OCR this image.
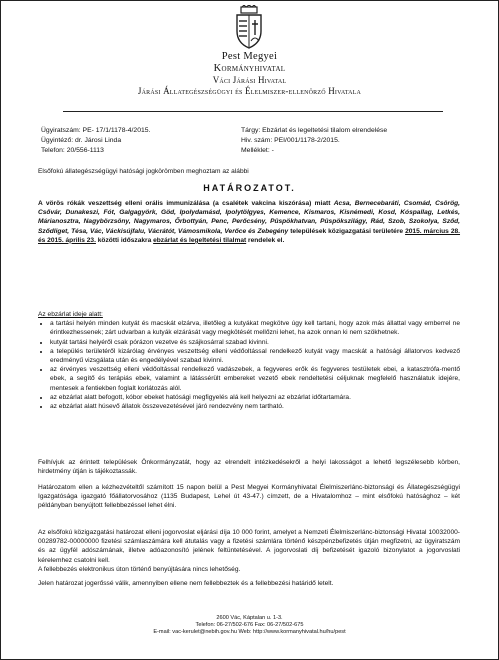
Pest Megyei
Kormányhivatal
Váci Járási Hivatal
Járási Állategészségügyi és Élelmiszer-ellenőrző Hivatala
Ügyiratszám: PE- 17/1/1178-4/2015.	Tárgy: Ebzárlat és legeltetési tilalom elrendelése
Ügyintéző: dr. Járosi Linda	Hiv. szám: PEI/001/1178-2/2015.
Telefon: 20/556-1113	Melléklet: -
Elsőfokú állategészségügyi hatósági jogkörömben meghoztam az alábbi
HATÁROZATOT.
A vörös rókák veszettség elleni orális immunizálása (a csalétek vakcina kiszórása) miatt Acsa, Bernecebaráti, Csomád, Csörög, Csővár, Dunakeszi, Fót, Galgagyörk, Göd, Ipolydamásd, Ipolytölgyes, Kemence, Kismaros, Kisnémedi, Kosd, Kóspallag, Letkés, Márianosztra, Nagybörzsöny, Nagymaros, Őrbottyán, Penc, Perőcsény, Püspökhatvan, Püspökszilágy, Rád, Szob, Szokolya, Sződ, Sződliget, Tésa, Vác, Váckisújfalu, Vácrátót, Vámosmikola, Verőce és Zebegény települések közigazgatási területére 2015. március 28. és 2015. április 23. közötti időszakra ebzárlat és legeltetési tilalmat rendelek el.
Az ebzárlat ideje alatt:
• a tartási helyén minden kutyát és macskát elzárva, illetőleg a kutyákat megkötve úgy kell tartani, hogy azok más állattal vagy emberrel ne érintkezhessenek; zárt udvarban a kutyák elzárását vagy megkötését mellőzni lehet, ha azok onnan ki nem szökhetnek.
• kutyát tartási helyéről csak pórázon vezetve és szájkosárral szabad kivinni.
• a település területéről kizárólag érvényes veszettség elleni védőoltással rendelkező kutyát vagy macskát a hatósági állatorvos kedvező eredményű vizsgálata után és engedélyével szabad kivinni.
• az érvényes veszettség elleni védőoltással rendelkező vadászebek, a fegyveres erők és fegyveres testületek ebei, a katasztrófa-mentő ebek, a segítő és terápiás ebek, valamint a látássérült embereket vezető ebek rendeltetési céljuknak megfelelő használatuk idejére, mentesek a fentiekben foglalt korlátozás alól.
• az ebzárlat alatt befogott, kóbor ebeket hatósági megfigyelés alá kell helyezni az ebzárlat időtartamára.
• az ebzárlat alatt húsevő állatok összevezetésével járó rendezvény nem tartható.
Felhívjuk az érintett települések Önkormányzatát, hogy az elrendelt intézkedésekről a helyi lakosságot a lehető legszélesebb körben, hirdetmény útján is tájékoztassák.
Határozatom ellen a kézhezvételtől számított 15 napon belül a Pest Megyei Kormányhivatal Élelmiszerlánc-biztonsági és Állategészségügyi Igazgatósága igazgató főállatorvosához (1135 Budapest, Lehel út 43-47.) címzett, de a Hivatalomhoz – mint elsőfokú hatósághoz – két példányban benyújtott fellebbezéssel lehet élni.
Az elsőfokú közigazgatási határozat elleni jogorvoslat eljárási díja 10 000 forint, amelyet a Nemzeti Élelmiszerlánc-biztonsági Hivatal 10032000-00289782-00000000 fizetési számlaszámára kell átutalás vagy a fizetési számlára történő készpénzbefizetés útján megfizetni, az ügyiratszám és az ügyfél adószámának, illetve adóazonosító jelének feltüntetésével. A jogorvoslati díj befizetését igazoló bizonylatot a jogorvoslati kérelemhez csatolni kell.
A fellebbezés elektronikus úton történő benyújtására nincs lehetőség.
Jelen határozat jogerőssé válik, amennyiben ellene nem fellebbeztek és a fellebbezési határidő letelt.
2600 Vác, Káptalan u. 1-3.
Telefon: 06-27/502-676 Fax: 06-27/502-675
E-mail: vac-kerulet@nebih.gov.hu Web: http://www.kormanyhivatal.hu/hu/pest
